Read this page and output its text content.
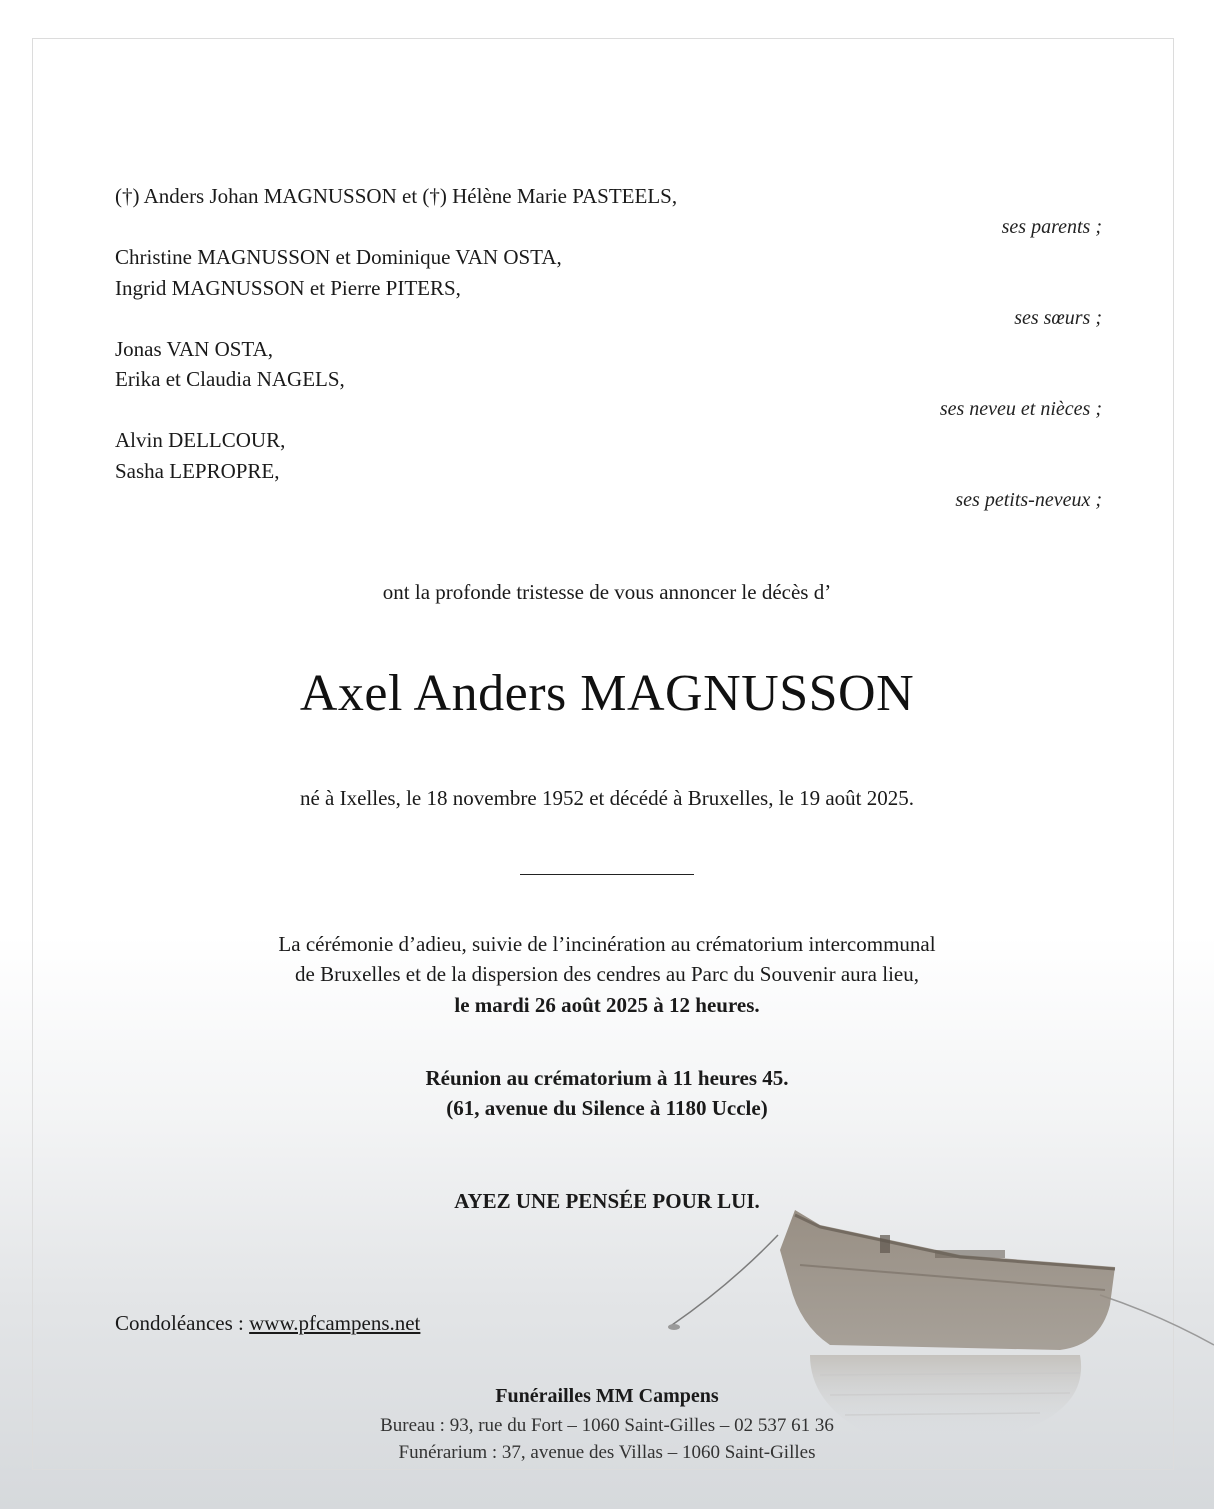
(†) Anders Johan MAGNUSSON et (†) Hélène Marie PASTEELS,

ses parents ;

Christine MAGNUSSON et Dominique VAN OSTA,

Ingrid MAGNUSSON et Pierre PITERS,

ses sœurs ;

Jonas VAN OSTA,

Erika et Claudia NAGELS,

ses neveu et nièces ;

Alvin DELLCOUR,

Sasha LEPROPRE,

ses petits-neveux ;

ont la profonde tristesse de vous annoncer le décès d’

Axel Anders MAGNUSSON

né à Ixelles, le 18 novembre 1952 et décédé à Bruxelles, le 19 août 2025.

La cérémonie d’adieu, suivie de l’incinération au crématorium intercommunal

de Bruxelles et de la dispersion des cendres au Parc du Souvenir aura lieu,

le mardi 26 août 2025 à 12 heures.

Réunion au crématorium à 11 heures 45.

(61, avenue du Silence à 1180 Uccle)

AYEZ UNE PENSÉE POUR LUI.

Condoléances : www.pfcampens.net

Funérailles MM Campens

Bureau : 93, rue du Fort – 1060 Saint-Gilles – 02 537 61 36

Funérarium : 37, avenue des Villas – 1060 Saint-Gilles
